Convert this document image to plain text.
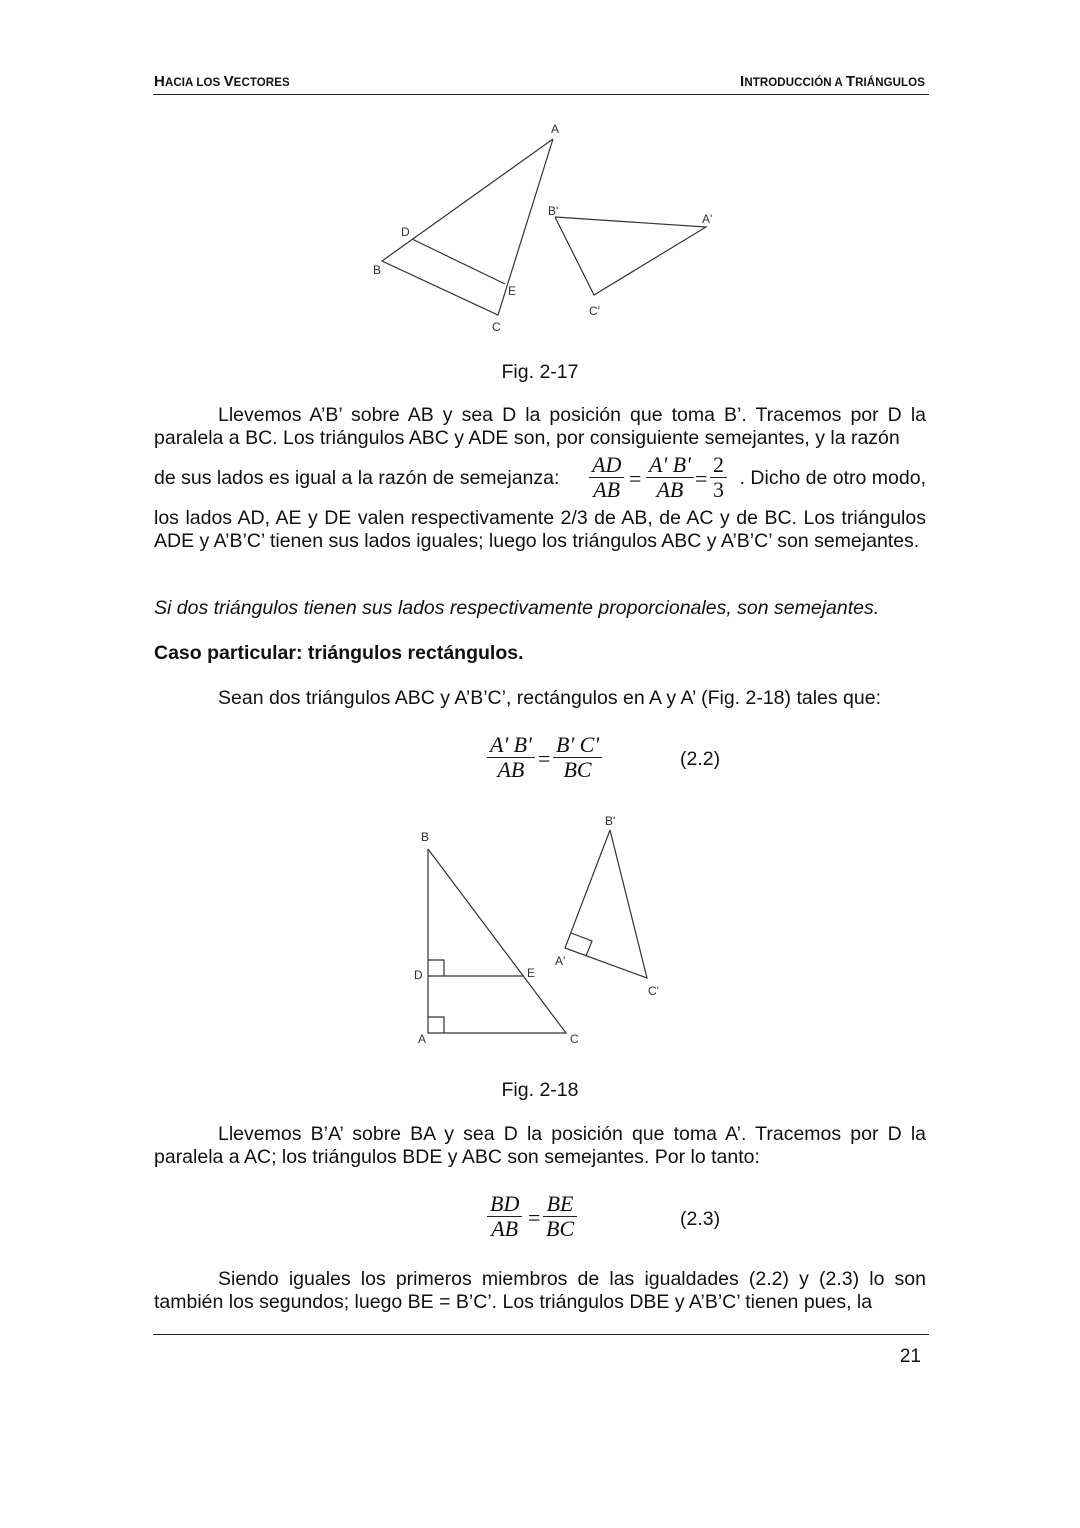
HACIA LOS VECTORES	INTRODUCCIÓN A TRIÁNGULOS
A
B
C
D
E
B'
A'
C'
Fig. 2-17
Llevemos A’B’ sobre AB y sea D la posición que toma B’. Tracemos por D la paralela a BC. Los triángulos ABC y ADE son, por consiguiente semejantes, y la razón
de sus lados es igual a la razón de semejanza: $\frac{AD}{AB} = \frac{A' B'}{AB} = \frac{2}{3}$ . Dicho de otro modo,
los lados AD, AE y DE valen respectivamente 2/3 de AB, de AC y de BC. Los triángulos ADE y A’B’C’ tienen sus lados iguales; luego los triángulos ABC y A’B’C’ son semejantes.
Si dos triángulos tienen sus lados respectivamente proporcionales, son semejantes.
Caso particular: triángulos rectángulos.
Sean dos triángulos ABC y A’B’C’, rectángulos en A y A’ (Fig. 2-18) tales que:
$\frac{A' B'}{AB} = \frac{B' C'}{BC}$	(2.2)
B
D	E
A	C
B'
A'
C'
Fig. 2-18
Llevemos B’A’ sobre BA y sea D la posición que toma A’. Tracemos por D la paralela a AC; los triángulos BDE y ABC son semejantes. Por lo tanto:
$\frac{BD}{AB} = \frac{BE}{BC}$	(2.3)
Siendo iguales los primeros miembros de las igualdades (2.2) y (2.3) lo son también los segundos; luego BE = B’C’. Los triángulos DBE y A’B’C’ tienen pues, la
21
